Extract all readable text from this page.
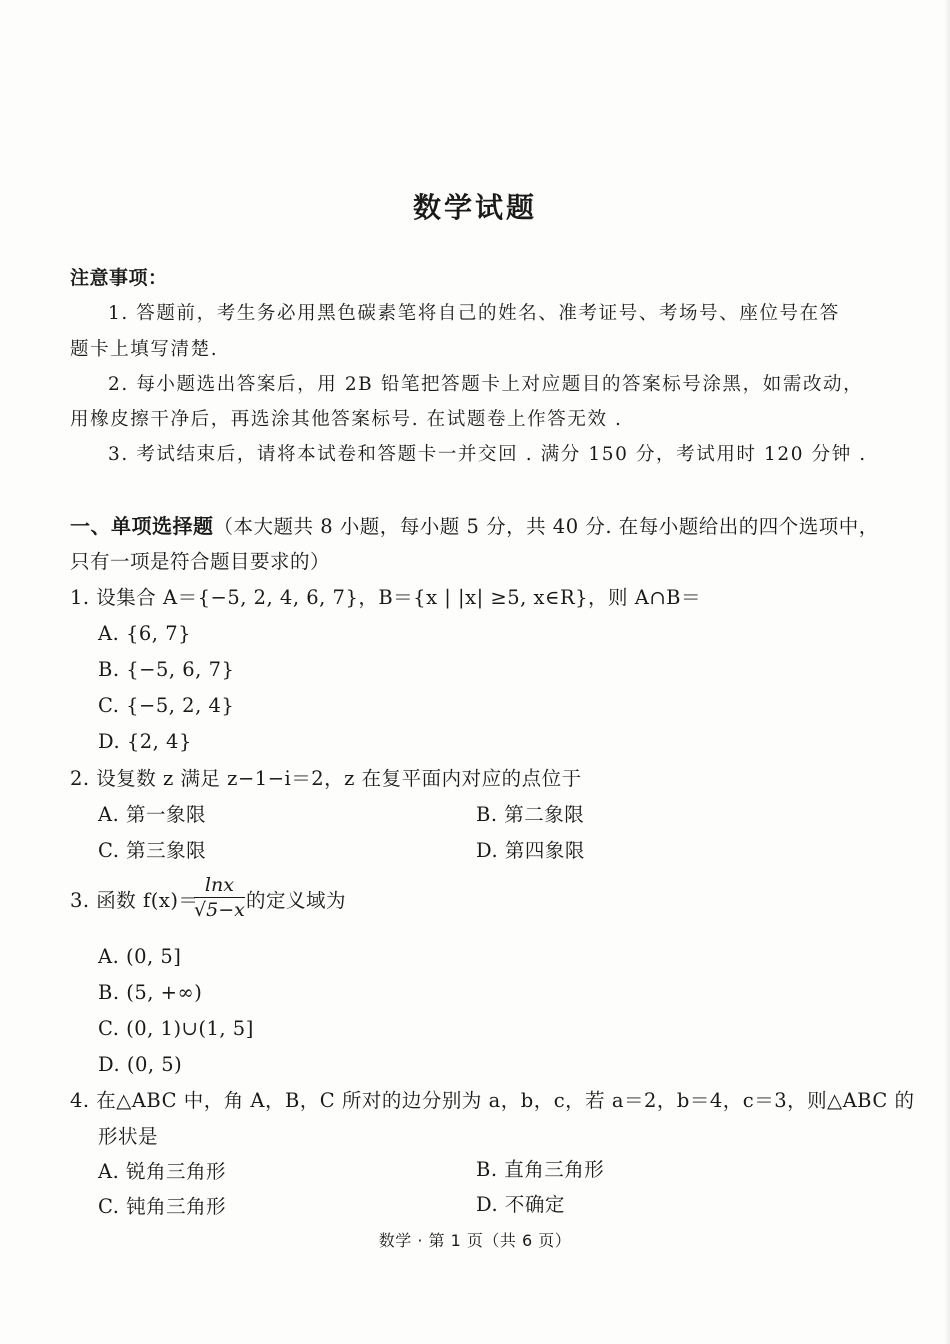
数学试题
注意事项：
1. 答题前，考生务必用黑色碳素笔将自己的姓名、准考证号、考场号、座位号在答
题卡上填写清楚.
2. 每小题选出答案后，用 2B 铅笔把答题卡上对应题目的答案标号涂黑，如需改动，
用橡皮擦干净后，再选涂其他答案标号. 在试题卷上作答无效 .
3. 考试结束后，请将本试卷和答题卡一并交回 . 满分 150 分，考试用时 120 分钟 .
一、单项选择题（本大题共 8 小题，每小题 5 分，共 40 分. 在每小题给出的四个选项中，
只有一项是符合题目要求的）
1. 设集合 A＝{−5, 2, 4, 6, 7}，B＝{x | |x| ≥5, x∈R}，则 A∩B＝
A. {6, 7}
B. {−5, 6, 7}
C. {−5, 2, 4}
D. {2, 4}
2. 设复数 z 满足 z−1−i＝2，z 在复平面内对应的点位于
A. 第一象限	B. 第二象限
C. 第三象限	D. 第四象限
3. 函数 f(x)＝
$\frac{\ln x}{√5-x}$ 的定义域为
A. (0, 5]
B. (5, +∞)
C. (0, 1)∪(1, 5]
D. (0, 5)
4. 在△ABC 中，角 A，B，C 所对的边分别为 a，b，c，若 a＝2，b＝4，c＝3，则△ABC 的
形状是
A. 锐角三角形	B. 直角三角形
C. 钝角三角形	D. 不确定
数学 · 第 1 页（共 6 页）
